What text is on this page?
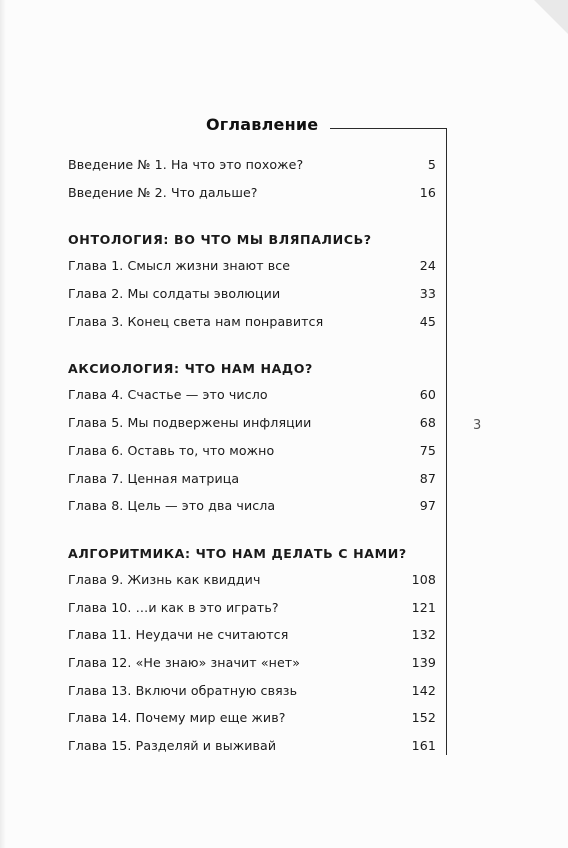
Оглавление
3
Введение № 1. На что это похоже?	5
Введение № 2. Что дальше?	16
ОНТОЛОГИЯ: ВО ЧТО МЫ ВЛЯПАЛИСЬ?
Глава 1. Смысл жизни знают все	24
Глава 2. Мы солдаты эволюции	33
Глава 3. Конец света нам понравится	45
АКСИОЛОГИЯ: ЧТО НАМ НАДО?
Глава 4. Счастье — это число	60
Глава 5. Мы подвержены инфляции	68
Глава 6. Оставь то, что можно	75
Глава 7. Ценная матрица	87
Глава 8. Цель — это два числа	97
АЛГОРИТМИКА: ЧТО НАМ ДЕЛАТЬ С НАМИ?
Глава 9. Жизнь как квиддич	108
Глава 10. …и как в это играть?	121
Глава 11. Неудачи не считаются	132
Глава 12. «Не знаю» значит «нет»	139
Глава 13. Включи обратную связь	142
Глава 14. Почему мир еще жив?	152
Глава 15. Разделяй и выживай	161
